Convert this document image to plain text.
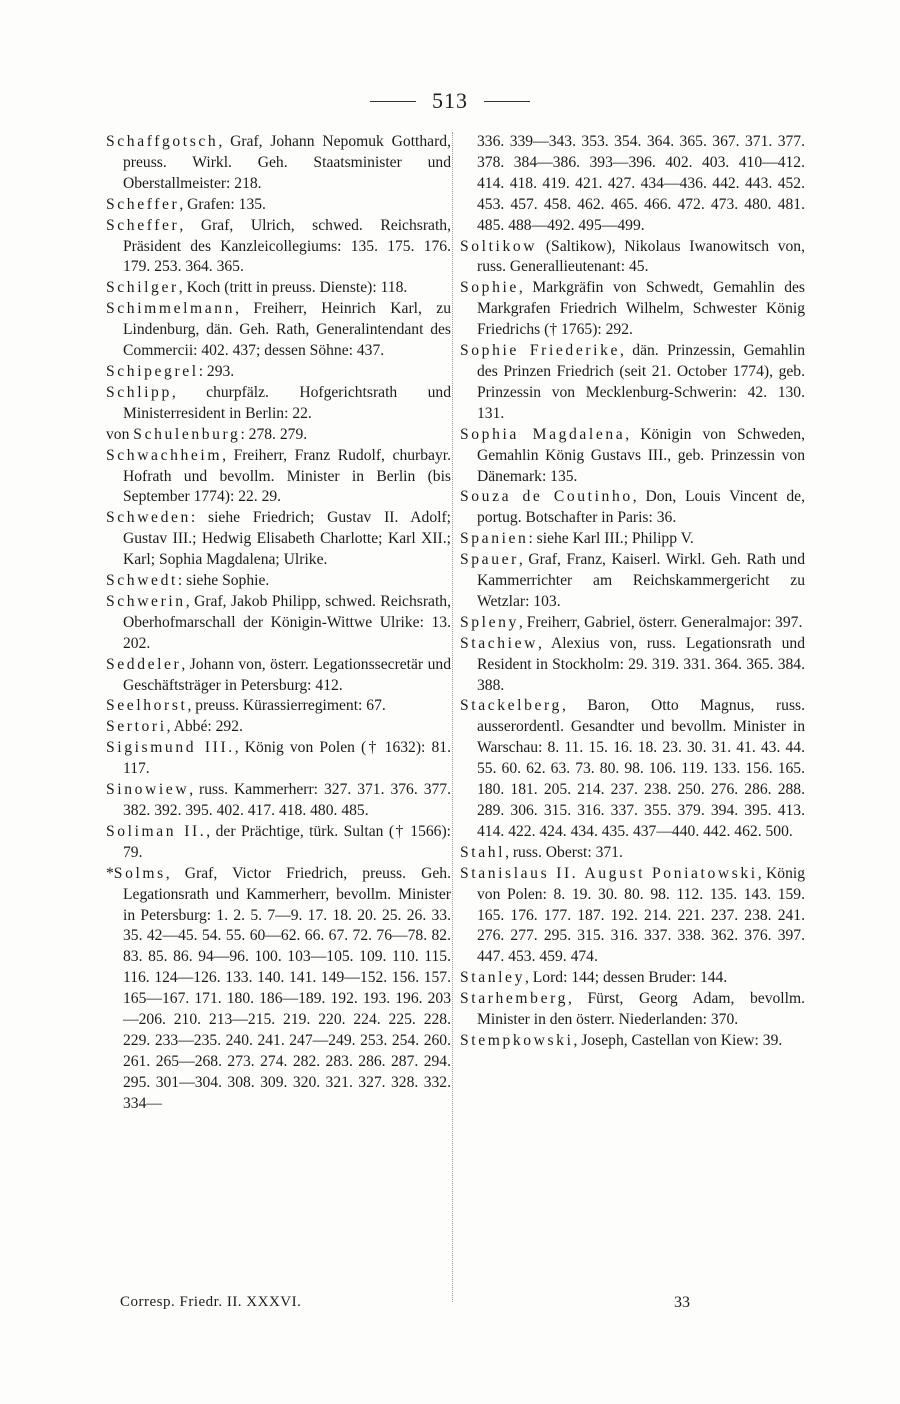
513

Schaffgotsch, Graf, Johann Nepomuk Gotthard, preuss. Wirkl. Geh. Staatsminister und Oberstallmeister: 218.

Scheffer, Grafen: 135.

Scheffer, Graf, Ulrich, schwed. Reichsrath, Präsident des Kanzleicollegiums: 135. 175. 176. 179. 253. 364. 365.

Schilger, Koch (tritt in preuss. Dienste): 118.

Schimmelmann, Freiherr, Heinrich Karl, zu Lindenburg, dän. Geh. Rath, Generalintendant des Commercii: 402. 437; dessen Söhne: 437.

Schipegrel: 293.

Schlipp, churpfälz. Hofgerichtsrath und Ministerresident in Berlin: 22.

von Schulenburg: 278. 279.

Schwachheim, Freiherr, Franz Rudolf, churbayr. Hofrath und bevollm. Minister in Berlin (bis September 1774): 22. 29.

Schweden: siehe Friedrich; Gustav II. Adolf; Gustav III.; Hedwig Elisabeth Charlotte; Karl XII.; Karl; Sophia Magdalena; Ulrike.

Schwedt: siehe Sophie.

Schwerin, Graf, Jakob Philipp, schwed. Reichsrath, Oberhofmarschall der Königin-Wittwe Ulrike: 13. 202.

Seddeler, Johann von, österr. Legationssecretär und Geschäftsträger in Petersburg: 412.

Seelhorst, preuss. Kürassierregiment: 67.

Sertori, Abbé: 292.

Sigismund III., König von Polen († 1632): 81. 117.

Sinowiew, russ. Kammerherr: 327. 371. 376. 377. 382. 392. 395. 402. 417. 418. 480. 485.

Soliman II., der Prächtige, türk. Sultan († 1566): 79.

*Solms, Graf, Victor Friedrich, preuss. Geh. Legationsrath und Kammerherr, bevollm. Minister in Petersburg: 1. 2. 5. 7—9. 17. 18. 20. 25. 26. 33. 35. 42—45. 54. 55. 60—62. 66. 67. 72. 76—78. 82. 83. 85. 86. 94—96. 100. 103—105. 109. 110. 115. 116. 124—126. 133. 140. 141. 149—152. 156. 157. 165—167. 171. 180. 186—189. 192. 193. 196. 203—206. 210. 213—215. 219. 220. 224. 225. 228. 229. 233—235. 240. 241. 247—249. 253. 254. 260. 261. 265—268. 273. 274. 282. 283. 286. 287. 294. 295. 301—304. 308. 309. 320. 321. 327. 328. 332. 334—

336. 339—343. 353. 354. 364. 365. 367. 371. 377. 378. 384—386. 393—396. 402. 403. 410—412. 414. 418. 419. 421. 427. 434—436. 442. 443. 452. 453. 457. 458. 462. 465. 466. 472. 473. 480. 481. 485. 488—492. 495—499.

Soltikow (Saltikow), Nikolaus Iwanowitsch von, russ. Generallieutenant: 45.

Sophie, Markgräfin von Schwedt, Gemahlin des Markgrafen Friedrich Wilhelm, Schwester König Friedrichs († 1765): 292.

Sophie Friederike, dän. Prinzessin, Gemahlin des Prinzen Friedrich (seit 21. October 1774), geb. Prinzessin von Mecklenburg-Schwerin: 42. 130. 131.

Sophia Magdalena, Königin von Schweden, Gemahlin König Gustavs III., geb. Prinzessin von Dänemark: 135.

Souza de Coutinho, Don, Louis Vincent de, portug. Botschafter in Paris: 36.

Spanien: siehe Karl III.; Philipp V.

Spauer, Graf, Franz, Kaiserl. Wirkl. Geh. Rath und Kammerrichter am Reichskammergericht zu Wetzlar: 103.

Spleny, Freiherr, Gabriel, österr. Generalmajor: 397.

Stachiew, Alexius von, russ. Legationsrath und Resident in Stockholm: 29. 319. 331. 364. 365. 384. 388.

Stackelberg, Baron, Otto Magnus, russ. ausserordentl. Gesandter und bevollm. Minister in Warschau: 8. 11. 15. 16. 18. 23. 30. 31. 41. 43. 44. 55. 60. 62. 63. 73. 80. 98. 106. 119. 133. 156. 165. 180. 181. 205. 214. 237. 238. 250. 276. 286. 288. 289. 306. 315. 316. 337. 355. 379. 394. 395. 413. 414. 422. 424. 434. 435. 437—440. 442. 462. 500.

Stahl, russ. Oberst: 371.

Stanislaus II. August Poniatowski, König von Polen: 8. 19. 30. 80. 98. 112. 135. 143. 159. 165. 176. 177. 187. 192. 214. 221. 237. 238. 241. 276. 277. 295. 315. 316. 337. 338. 362. 376. 397. 447. 453. 459. 474.

Stanley, Lord: 144; dessen Bruder: 144.

Starhemberg, Fürst, Georg Adam, bevollm. Minister in den österr. Niederlanden: 370.

Stempkowski, Joseph, Castellan von Kiew: 39.

Corresp. Friedr. II. XXXVI.	33
